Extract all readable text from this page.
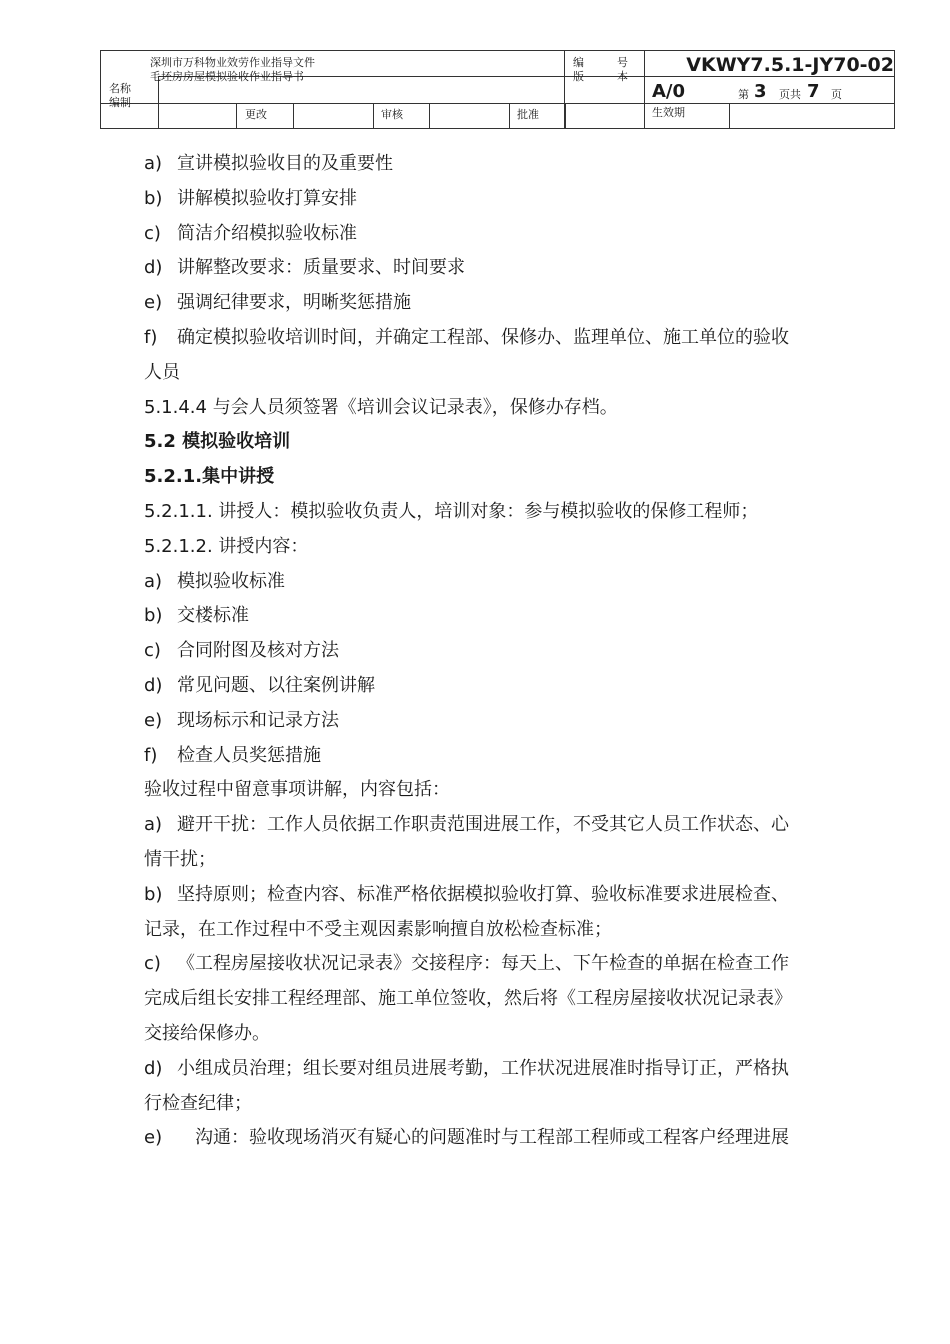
深圳市万科物业效劳作业指导文件
毛坯房房屋模拟验收作业指导书
名称
编制
更改	审核	批准
编	号
版	本
VKWY7.5.1-JY70-02
A/0	第 3 页共 7 页
生效期
a) 宣讲模拟验收目的及重要性
b) 讲解模拟验收打算安排
c) 简洁介绍模拟验收标准
d) 讲解整改要求：质量要求、时间要求
e) 强调纪律要求，明晰奖惩措施
f) 确定模拟验收培训时间，并确定工程部、保修办、监理单位、施工单位的验收
人员
5.1.4.4 与会人员须签署《培训会议记录表》，保修办存档。
5.2 模拟验收培训
5.2.1.集中讲授
5.2.1.1. 讲授人：模拟验收负责人，培训对象：参与模拟验收的保修工程师；
5.2.1.2. 讲授内容：
a) 模拟验收标准
b) 交楼标准
c) 合同附图及核对方法
d) 常见问题、以往案例讲解
e) 现场标示和记录方法
f) 检查人员奖惩措施
验收过程中留意事项讲解，内容包括：
a) 避开干扰：工作人员依据工作职责范围进展工作，不受其它人员工作状态、心
情干扰；
b) 坚持原则；检查内容、标准严格依据模拟验收打算、验收标准要求进展检查、
记录，在工作过程中不受主观因素影响擅自放松检查标准；
c) 《工程房屋接收状况记录表》交接程序：每天上、下午检查的单据在检查工作
完成后组长安排工程经理部、施工单位签收，然后将《工程房屋接收状况记录表》
交接给保修办。
d) 小组成员治理；组长要对组员进展考勤，工作状况进展准时指导订正，严格执
行检查纪律；
e) 沟通：验收现场消灭有疑心的问题准时与工程部工程师或工程客户经理进展
